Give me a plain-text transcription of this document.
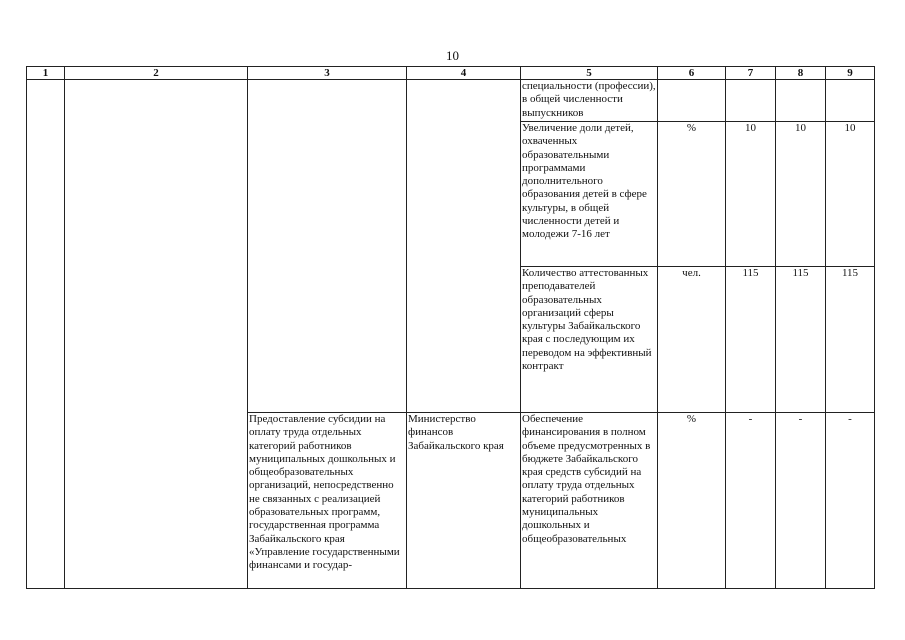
10
1	2	3	4	5	6	7	8	9
				специальности (профессии), в общей численности выпускников				
				Увеличение доли детей, охваченных образовательными программами дополнительного образования детей в сфере культуры, в общей численности детей и молодежи 7-16 лет	%	10	10	10
				Количество аттестованных преподавателей образовательных организаций сферы культуры Забайкальского края с последующим их переводом на эффективный контракт	чел.	115	115	115
		Предоставление субсидии на оплату труда отдельных категорий работников муниципальных дошкольных и общеобразовательных организаций, непосредственно не связанных с реализацией образовательных программ, государственная программа Забайкальского края «Управление государственными финансами и государ-	Министерство финансов Забайкальского края	Обеспечение финансирования в полном объеме предусмотренных в бюджете Забайкальского края средств субсидий на оплату труда отдельных категорий работников муниципальных дошкольных и общеобразовательных	%	-	-	-
